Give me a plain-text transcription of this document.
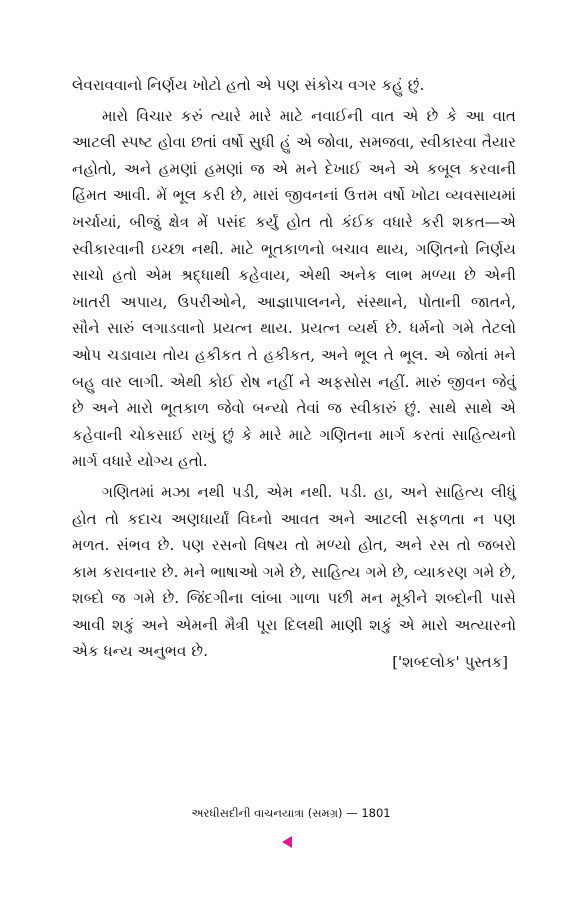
લેવરાવવાનો નિર્ણય ખોટો હતો એ પણ સંકોચ વગર કહું છું.

મારો વિચાર કરું ત્યારે મારે માટે નવાઈની વાત એ છે કે આ વાત આટલી સ્પષ્ટ હોવા છતાં વર્ષો સુધી હું એ જોવા, સમજવા, સ્વીકારવા તૈયાર નહોતો, અને હમણાં હમણાં જ એ મને દેખાઈ અને એ કબૂલ કરવાની હિંમત આવી. મેં ભૂલ કરી છે, મારાં જીવનનાં ઉત્તમ વર્ષો ખોટા વ્યવસાયમાં ખર્ચાયાં, બીજું ક્ષેત્ર મેં પસંદ કર્યું હોત તો કંઈક વધારે કરી શકત—એ સ્વીકારવાની ઇચ્છા નથી. માટે ભૂતકાળનો બચાવ થાય, ગણિતનો નિર્ણય સાચો હતો એમ શ્રદ્ધાથી કહેવાય, એથી અનેક લાભ મળ્યા છે એની ખાતરી અપાય, ઉપરીઓને, આજ્ઞાપાલનને, સંસ્થાને, પોતાની જાતને, સૌને સારું લગાડવાનો પ્રયત્ન થાય. પ્રયત્ન વ્યર્થ છે. ધર્મનો ગમે તેટલો ઓપ ચડાવાય તોય હકીકત તે હકીકત, અને ભૂલ તે ભૂલ. એ જોતાં મને બહુ વાર લાગી. એથી કોઈ રોષ નહીં ને અફસોસ નહીં. મારું જીવન જેવું છે અને મારો ભૂતકાળ જેવો બન્યો તેવાં જ સ્વીકારું છું. સાથે સાથે એ કહેવાની ચોકસાઈ રાખું છું કે મારે માટે ગણિતના માર્ગ કરતાં સાહિત્યનો માર્ગ વધારે યોગ્ય હતો.

ગણિતમાં મઝા નથી પડી, એમ નથી. પડી. હા, અને સાહિત્ય લીધું હોત તો કદાચ અણધાર્યાં વિઘ્નો આવત અને આટલી સફળતા ન પણ મળત. સંભવ છે. પણ રસનો વિષય તો મળ્યો હોત, અને રસ તો જબરો કામ કરાવનાર છે. મને ભાષાઓ ગમે છે, સાહિત્ય ગમે છે, વ્યાકરણ ગમે છે, શબ્દો જ ગમે છે. જિંદગીના લાંબા ગાળા પછી મન મૂકીને શબ્દોની પાસે આવી શકું અને એમની મૈત્રી પૂરા દિલથી માણી શકું એ મારો અત્યારનો એક ધન્ય અનુભવ છે.

['શબ્દલોક' પુસ્તક]
અરધીસદીની વાચનયાત્રા (સમગ્ર) — 1801
